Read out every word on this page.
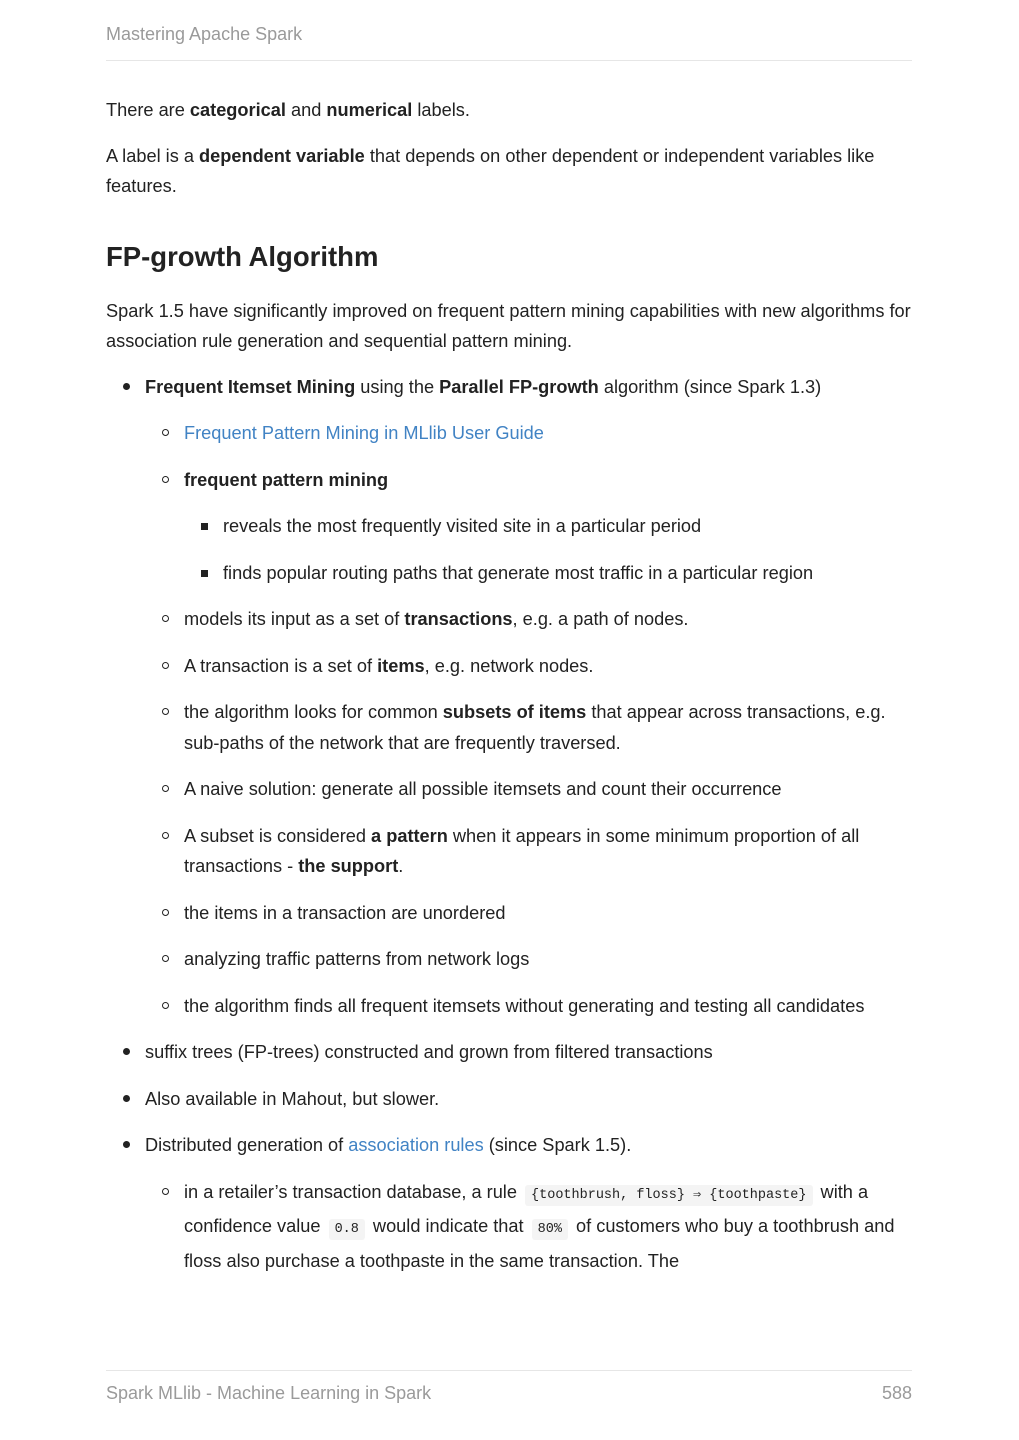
Mastering Apache Spark

There are categorical and numerical labels.

A label is a dependent variable that depends on other dependent or independent variables like features.

FP-growth Algorithm

Spark 1.5 have significantly improved on frequent pattern mining capabilities with new algorithms for association rule generation and sequential pattern mining.

Frequent Itemset Mining using the Parallel FP-growth algorithm (since Spark 1.3)
Frequent Pattern Mining in MLlib User Guide
frequent pattern mining
reveals the most frequently visited site in a particular period
finds popular routing paths that generate most traffic in a particular region
models its input as a set of transactions, e.g. a path of nodes.
A transaction is a set of items, e.g. network nodes.
the algorithm looks for common subsets of items that appear across transactions, e.g. sub-paths of the network that are frequently traversed.
A naive solution: generate all possible itemsets and count their occurrence
A subset is considered a pattern when it appears in some minimum proportion of all transactions - the support.
the items in a transaction are unordered
analyzing traffic patterns from network logs
the algorithm finds all frequent itemsets without generating and testing all candidates
suffix trees (FP-trees) constructed and grown from filtered transactions
Also available in Mahout, but slower.
Distributed generation of association rules (since Spark 1.5).
in a retailer’s transaction database, a rule {toothbrush, floss} ⇒ {toothpaste} with a confidence value 0.8 would indicate that 80% of customers who buy a toothbrush and floss also purchase a toothpaste in the same transaction. The
Spark MLlib - Machine Learning in Spark	588
